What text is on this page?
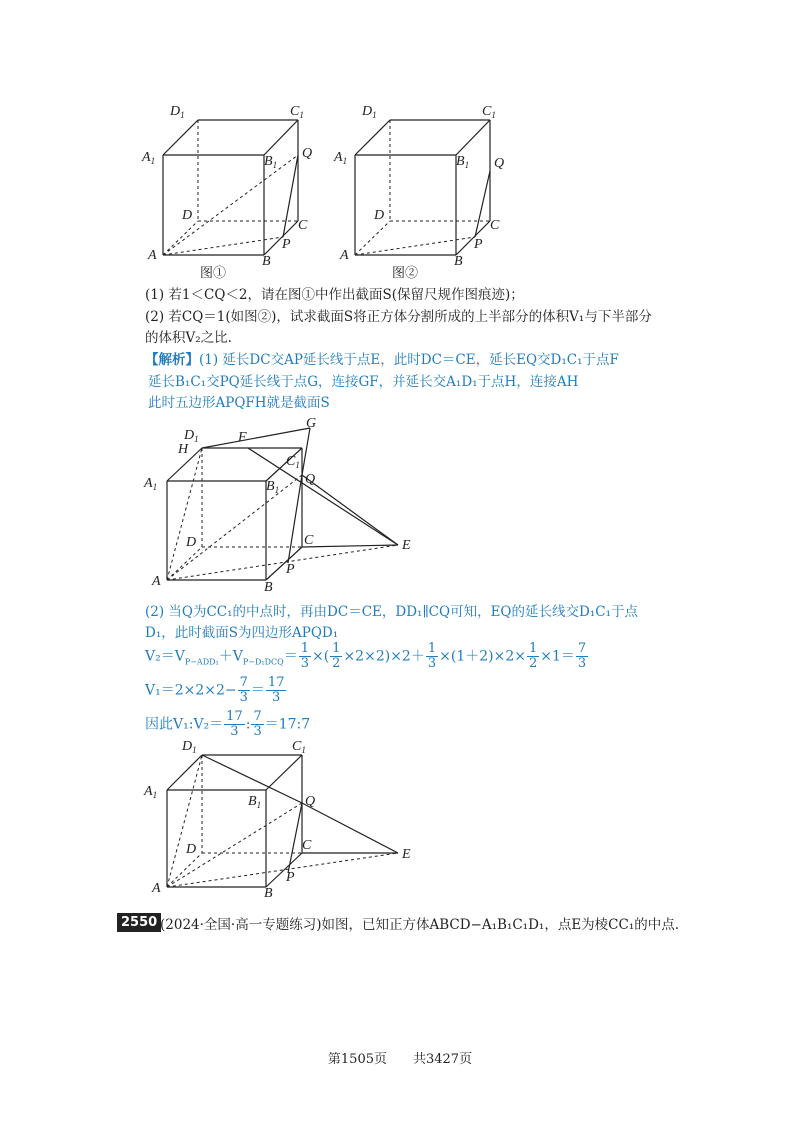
$D_1$	$C_1$
$A_1$	$B_1$
Q
D
C
P
A	B
图①
$D_1$	$C_1$
$A_1$	$B_1$ Q
D
C
P
A	B
图②
(1) 若1＜CQ＜2，请在图①中作出截面S(保留尺规作图痕迹)；
(2) 若CQ＝1(如图②)，试求截面S将正方体分割所成的上半部分的体积V₁与下半部分
的体积V₂之比.
【解析】(1) 延长DC交AP延长线于点E，此时DC＝CE，延长EQ交D₁C₁于点F
延长B₁C₁交PQ延长线于点G，连接GF，并延长交A₁D₁于点H，连接AH
此时五边形APQFH就是截面S
$D_1$
H
F
G
$C_1$
$A_1$	$B_1$
Q
D	C	E
P
A	B
(2) 当Q为CC₁的中点时，再由DC＝CE，DD₁∥CQ可知，EQ的延长线交D₁C₁于点
D₁，此时截面S为四边形APQD₁
$V_2=V_{P-ADD_1}+V_{P-D_1DCQ}= \frac{1}{3}$ ×( $\frac{1}{2} \times 2\times 2)\times 2+ \frac{1}{3} \times(1+2)\times 2\times \frac{1}{2} \times 1= \frac{7}{3}$
$V_1=2\times 2\times 2- \frac{7}{3} = \frac{17}{3}$
因此V₁:V₂＝ $\frac{17}{3}$ : $\frac{7}{3}$ ＝17:7
$D_1$	$C_1$
$A_1$	$B_1$	Q
D	C
E
P
A	B
2550 (2024·全国·高一专题练习)如图，已知正方体ABCD−A₁B₁C₁D₁，点E为棱CC₁的中点.
第1505页　　共3427页
